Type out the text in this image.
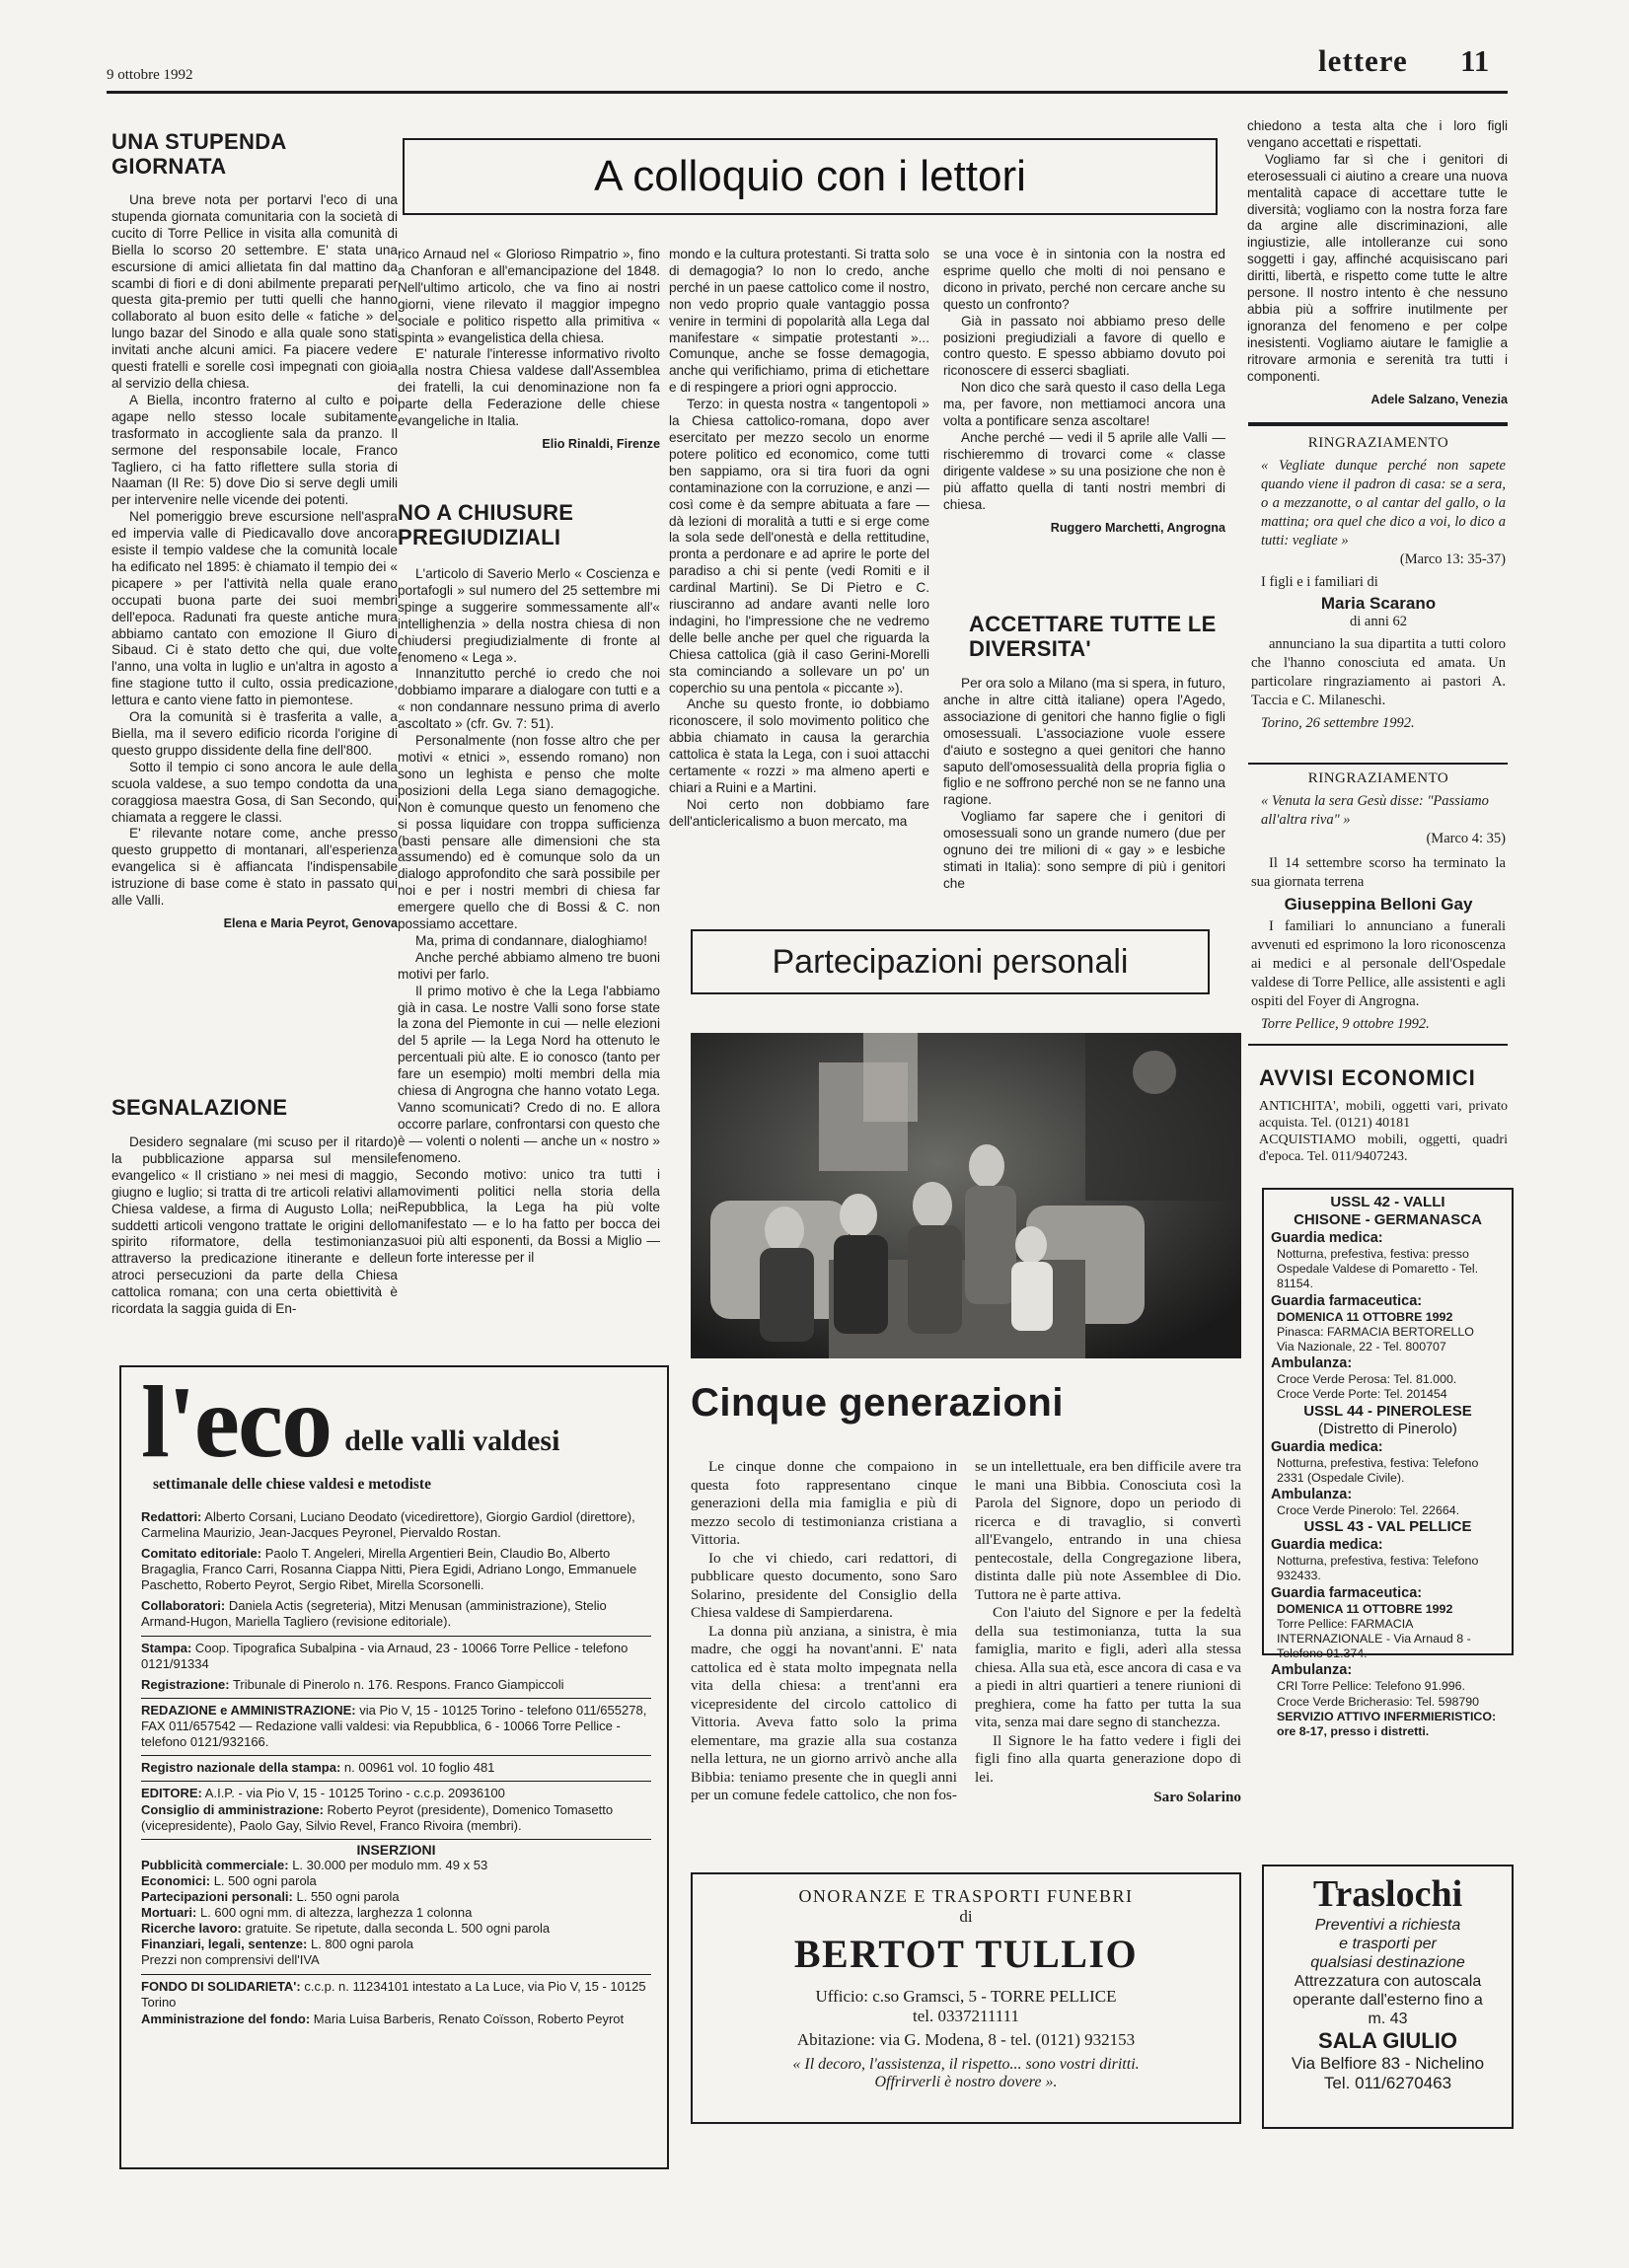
9 ottobre 1992	lettere 11
UNA STUPENDA GIORNATA

Una breve nota per portarvi l'eco di una stupenda giornata comunitaria con la società di cucito di Torre Pellice in visita alla comunità di Biella lo scorso 20 settembre. E' stata una escursione di amici allietata fin dal mattino da scambi di fiori e di doni abilmente preparati per questa gita-premio per tutti quelli che hanno collaborato al buon esito delle « fatiche » del lungo bazar del Sinodo e alla quale sono stati invitati anche alcuni amici. Fa piacere vedere questi fratelli e sorelle così impegnati con gioia al servizio della chiesa.

A Biella, incontro fraterno al culto e poi agape nello stesso locale subitamente trasformato in accogliente sala da pranzo. Il sermone del responsabile locale, Franco Tagliero, ci ha fatto riflettere sulla storia di Naaman (II Re: 5) dove Dio si serve degli umili per intervenire nelle vicende dei potenti.

Nel pomeriggio breve escursione nell'aspra ed impervia valle di Piedicavallo dove ancora esiste il tempio valdese che la comunità locale ha edificato nel 1895: è chiamato il tempio dei « picapere » per l'attività nella quale erano occupati buona parte dei suoi membri dell'epoca. Radunati fra queste antiche mura abbiamo cantato con emozione Il Giuro di Sibaud. Ci è stato detto che qui, due volte l'anno, una volta in luglio e un'altra in agosto a fine stagione tutto il culto, ossia predicazione, lettura e canto viene fatto in piemontese.

Ora la comunità si è trasferita a valle, a Biella, ma il severo edificio ricorda l'origine di questo gruppo dissidente della fine dell'800.

Sotto il tempio ci sono ancora le aule della scuola valdese, a suo tempo condotta da una coraggiosa maestra Gosa, di San Secondo, qui chiamata a reggere le classi.

E' rilevante notare come, anche presso questo gruppetto di montanari, all'esperienza evangelica si è affiancata l'indispensabile istruzione di base come è stato in passato qui alle Valli.

Elena e Maria Peyrot, Genova

SEGNALAZIONE

Desidero segnalare (mi scuso per il ritardo) la pubblicazione apparsa sul mensile evangelico « Il cristiano » nei mesi di maggio, giugno e luglio; si tratta di tre articoli relativi alla Chiesa valdese, a firma di Augusto Lolla; nei suddetti articoli vengono trattate le origini dello spirito riformatore, della testimonianza attraverso la predicazione itinerante e delle atroci persecuzioni da parte della Chiesa cattolica romana; con una certa obiettività è ricordata la saggia guida di En-

A colloquio con i lettori

rico Arnaud nel « Glorioso Rimpatrio », fino a Chanforan e all'emancipazione del 1848. Nell'ultimo articolo, che va fino ai nostri giorni, viene rilevato il maggior impegno sociale e politico rispetto alla primitiva « spinta » evangelistica della chiesa.

E' naturale l'interesse informativo rivolto alla nostra Chiesa valdese dall'Assemblea dei fratelli, la cui denominazione non fa parte della Federazione delle chiese evangeliche in Italia.

Elio Rinaldi, Firenze

NO A CHIUSURE PREGIUDIZIALI

L'articolo di Saverio Merlo « Coscienza e portafogli » sul numero del 25 settembre mi spinge a suggerire sommessamente all'« intellighenzia » della nostra chiesa di non chiudersi pregiudizialmente di fronte al fenomeno « Lega ».

Innanzitutto perché io credo che noi dobbiamo imparare a dialogare con tutti e a « non condannare nessuno prima di averlo ascoltato » (cfr. Gv. 7: 51).

Personalmente (non fosse altro che per motivi « etnici », essendo romano) non sono un leghista e penso che molte posizioni della Lega siano demagogiche. Non è comunque questo un fenomeno che si possa liquidare con troppa sufficienza (basti pensare alle dimensioni che sta assumendo) ed è comunque solo da un dialogo approfondito che sarà possibile per noi e per i nostri membri di chiesa far emergere quello che di Bossi & C. non possiamo accettare.

Ma, prima di condannare, dialoghiamo!

Anche perché abbiamo almeno tre buoni motivi per farlo.

Il primo motivo è che la Lega l'abbiamo già in casa. Le nostre Valli sono forse state la zona del Piemonte in cui — nelle elezioni del 5 aprile — la Lega Nord ha ottenuto le percentuali più alte. E io conosco (tanto per fare un esempio) molti membri della mia chiesa di Angrogna che hanno votato Lega. Vanno scomunicati? Credo di no. E allora occorre parlare, confrontarsi con questo che è — volenti o nolenti — anche un « nostro » fenomeno.

Secondo motivo: unico tra tutti i movimenti politici nella storia della Repubblica, la Lega ha più volte manifestato — e lo ha fatto per bocca dei suoi più alti esponenti, da Bossi a Miglio — un forte interesse per il

mondo e la cultura protestanti. Si tratta solo di demagogia? Io non lo credo, anche perché in un paese cattolico come il nostro, non vedo proprio quale vantaggio possa venire in termini di popolarità alla Lega dal manifestare « simpatie protestanti »... Comunque, anche se fosse demagogia, anche qui verifichiamo, prima di etichettare e di respingere a priori ogni approccio.

Terzo: in questa nostra « tangentopoli » la Chiesa cattolico-romana, dopo aver esercitato per mezzo secolo un enorme potere politico ed economico, come tutti ben sappiamo, ora si tira fuori da ogni contaminazione con la corruzione, e anzi — così come è da sempre abituata a fare — dà lezioni di moralità a tutti e si erge come la sola sede dell'onestà e della rettitudine, pronta a perdonare e ad aprire le porte del paradiso a chi si pente (vedi Romiti e il cardinal Martini). Se Di Pietro e C. riusciranno ad andare avanti nelle loro indagini, ho l'impressione che ne vedremo delle belle anche per quel che riguarda la Chiesa cattolica (già il caso Gerini-Morelli sta cominciando a sollevare un po' un coperchio su una pentola « piccante »).

Anche su questo fronte, io dobbiamo riconoscere, il solo movimento politico che abbia chiamato in causa la gerarchia cattolica è stata la Lega, con i suoi attacchi certamente « rozzi » ma almeno aperti e chiari a Ruini e a Martini.

Noi certo non dobbiamo fare dell'anticlericalismo a buon mercato, ma

se una voce è in sintonia con la nostra ed esprime quello che molti di noi pensano e dicono in privato, perché non cercare anche su questo un confronto?

Già in passato noi abbiamo preso delle posizioni pregiudiziali a favore di quello e contro questo. E spesso abbiamo dovuto poi riconoscere di esserci sbagliati.

Non dico che sarà questo il caso della Lega ma, per favore, non mettiamoci ancora una volta a pontificare senza ascoltare!

Anche perché — vedi il 5 aprile alle Valli — rischieremmo di trovarci come « classe dirigente valdese » su una posizione che non è più affatto quella di tanti nostri membri di chiesa.

Ruggero Marchetti, Angrogna

ACCETTARE TUTTE LE DIVERSITA'

Per ora solo a Milano (ma si spera, in futuro, anche in altre città italiane) opera l'Agedo, associazione di genitori che hanno figlie o figli omosessuali. L'associazione vuole essere d'aiuto e sostegno a quei genitori che hanno saputo dell'omosessualità della propria figlia o figlio e ne soffrono perché non se ne fanno una ragione.

Vogliamo far sapere che i genitori di omosessuali sono un grande numero (due per ognuno dei tre milioni di « gay » e lesbiche stimati in Italia): sono sempre di più i genitori che

chiedono a testa alta che i loro figli vengano accettati e rispettati.

Vogliamo far sì che i genitori di eterosessuali ci aiutino a creare una nuova mentalità capace di accettare tutte le diversità; vogliamo con la nostra forza fare da argine alle discriminazioni, alle ingiustizie, alle intolleranze cui sono soggetti i gay, affinché acquisiscano pari diritti, libertà, e rispetto come tutte le altre persone. Il nostro intento è che nessuno abbia più a soffrire inutilmente per ignoranza del fenomeno e per colpe inesistenti. Vogliamo aiutare le famiglie a ritrovare armonia e serenità tra tutti i componenti.

Adele Salzano, Venezia

RINGRAZIAMENTO
« Vegliate dunque perché non sapete quando viene il padron di casa: se a sera, o a mezzanotte, o al cantar del gallo, o la mattina; ora quel che dico a voi, lo dico a tutti: vegliate »
(Marco 13: 35-37)
I figli e i familiari di
Maria Scarano
di anni 62
annunciano la sua dipartita a tutti coloro che l'hanno conosciuta ed amata. Un particolare ringraziamento ai pastori A. Taccia e C. Milaneschi.
Torino, 26 settembre 1992.
RINGRAZIAMENTO
« Venuta la sera Gesù disse: "Passiamo all'altra riva" »
(Marco 4: 35)
Il 14 settembre scorso ha terminato la sua giornata terrena
Giuseppina Belloni Gay
I familiari lo annunciano a funerali avvenuti ed esprimono la loro riconoscenza ai medici e al personale dell'Ospedale valdese di Torre Pellice, alle assistenti e agli ospiti del Foyer di Angrogna.
Torre Pellice, 9 ottobre 1992.
AVVISI ECONOMICI
ANTICHITA', mobili, oggetti vari, privato acquista. Tel. (0121) 40181
ACQUISTIAMO mobili, oggetti, quadri d'epoca. Tel. 011/9407243.
USSL 42 - VALLI
CHISONE - GERMANASCA
Guardia medica:
Notturna, prefestiva, festiva: presso Ospedale Valdese di Pomaretto - Tel. 81154.
Guardia farmaceutica:
DOMENICA 11 OTTOBRE 1992
Pinasca: FARMACIA BERTORELLO
Via Nazionale, 22 - Tel. 800707
Ambulanza:
Croce Verde Perosa: Tel. 81.000.
Croce Verde Porte: Tel. 201454
USSL 44 - PINEROLESE
(Distretto di Pinerolo)
Guardia medica:
Notturna, prefestiva, festiva: Telefono 2331 (Ospedale Civile).
Ambulanza:
Croce Verde Pinerolo: Tel. 22664.
USSL 43 - VAL PELLICE
Guardia medica:
Notturna, prefestiva, festiva: Telefono 932433.
Guardia farmaceutica:
DOMENICA 11 OTTOBRE 1992
Torre Pellice: FARMACIA INTERNAZIONALE - Via Arnaud 8 - Telefono 91.374.
Ambulanza:
CRI Torre Pellice: Telefono 91.996.
Croce Verde Bricherasio: Tel. 598790
SERVIZIO ATTIVO INFERMIERISTICO: ore 8-17, presso i distretti.
Partecipazioni personali
Cinque generazioni

Le cinque donne che compaiono in questa foto rappresentano cinque generazioni della mia famiglia e più di mezzo secolo di testimonianza cristiana a Vittoria.

Io che vi chiedo, cari redattori, di pubblicare questo documento, sono Saro Solarino, presidente del Consiglio della Chiesa valdese di Sampierdarena.

La donna più anziana, a sinistra, è mia madre, che oggi ha novant'anni. E' nata cattolica ed è stata molto impegnata nella vita della chiesa: a trent'anni era vicepresidente del circolo cattolico di Vittoria. Aveva fatto solo la prima elementare, ma grazie alla sua costanza nella lettura, ne un giorno arrivò anche alla Bibbia: teniamo presente che in quegli anni per un comune fedele cattolico, che non fos-

se un intellettuale, era ben difficile avere tra le mani una Bibbia. Conosciuta così la Parola del Signore, dopo un periodo di ricerca e di travaglio, si convertì all'Evangelo, entrando in una chiesa pentecostale, della Congregazione libera, distinta dalle più note Assemblee di Dio. Tuttora ne è parte attiva.

Con l'aiuto del Signore e per la fedeltà della sua testimonianza, tutta la sua famiglia, marito e figli, aderì alla stessa chiesa. Alla sua età, esce ancora di casa e va a piedi in altri quartieri a tenere riunioni di preghiera, come ha fatto per tutta la sua vita, senza mai dare segno di stanchezza.

Il Signore le ha fatto vedere i figli dei figli fino alla quarta generazione dopo di lei.

Saro Solarino

l'eco delle valli valdesi
settimanale delle chiese valdesi e metodiste
Redattori: Alberto Corsani, Luciano Deodato (vicedirettore), Giorgio Gardiol (direttore), Carmelina Maurizio, Jean-Jacques Peyronel, Piervaldo Rostan.
Comitato editoriale: Paolo T. Angeleri, Mirella Argentieri Bein, Claudio Bo, Alberto Bragaglia, Franco Carri, Rosanna Ciappa Nitti, Piera Egidi, Adriano Longo, Emmanuele Paschetto, Roberto Peyrot, Sergio Ribet, Mirella Scorsonelli.
Collaboratori: Daniela Actis (segreteria), Mitzi Menusan (amministrazione), Stelio Armand-Hugon, Mariella Tagliero (revisione editoriale).
Stampa: Coop. Tipografica Subalpina - via Arnaud, 23 - 10066 Torre Pellice - telefono 0121/91334
Registrazione: Tribunale di Pinerolo n. 176. Respons. Franco Giampiccoli
REDAZIONE e AMMINISTRAZIONE: via Pio V, 15 - 10125 Torino - telefono 011/655278, FAX 011/657542 — Redazione valli valdesi: via Repubblica, 6 - 10066 Torre Pellice - telefono 0121/932166.
Registro nazionale della stampa: n. 00961 vol. 10 foglio 481
EDITORE: A.I.P. - via Pio V, 15 - 10125 Torino - c.c.p. 20936100
Consiglio di amministrazione: Roberto Peyrot (presidente), Domenico Tomasetto (vicepresidente), Paolo Gay, Silvio Revel, Franco Rivoira (membri).
INSERZIONI
Pubblicità commerciale: L. 30.000 per modulo mm. 49 x 53
Economici: L. 500 ogni parola
Partecipazioni personali: L. 550 ogni parola
Mortuari: L. 600 ogni mm. di altezza, larghezza 1 colonna
Ricerche lavoro: gratuite. Se ripetute, dalla seconda L. 500 ogni parola
Finanziari, legali, sentenze: L. 800 ogni parola
Prezzi non comprensivi dell'IVA
FONDO DI SOLIDARIETA': c.c.p. n. 11234101 intestato a La Luce, via Pio V, 15 - 10125 Torino
Amministrazione del fondo: Maria Luisa Barberis, Renato Coïsson, Roberto Peyrot
ONORANZE E TRASPORTI FUNEBRI
di
BERTOT TULLIO
Ufficio: c.so Gramsci, 5 - TORRE PELLICE
tel. 0337211111
Abitazione: via G. Modena, 8 - tel. (0121) 932153
« Il decoro, l'assistenza, il rispetto... sono vostri diritti.
Offrirverli è nostro dovere ».
Traslochi
Preventivi a richiesta
e trasporti per
qualsiasi destinazione
Attrezzatura con autoscala
operante dall'esterno fino a
m. 43
SALA GIULIO
Via Belfiore 83 - Nichelino
Tel. 011/6270463
